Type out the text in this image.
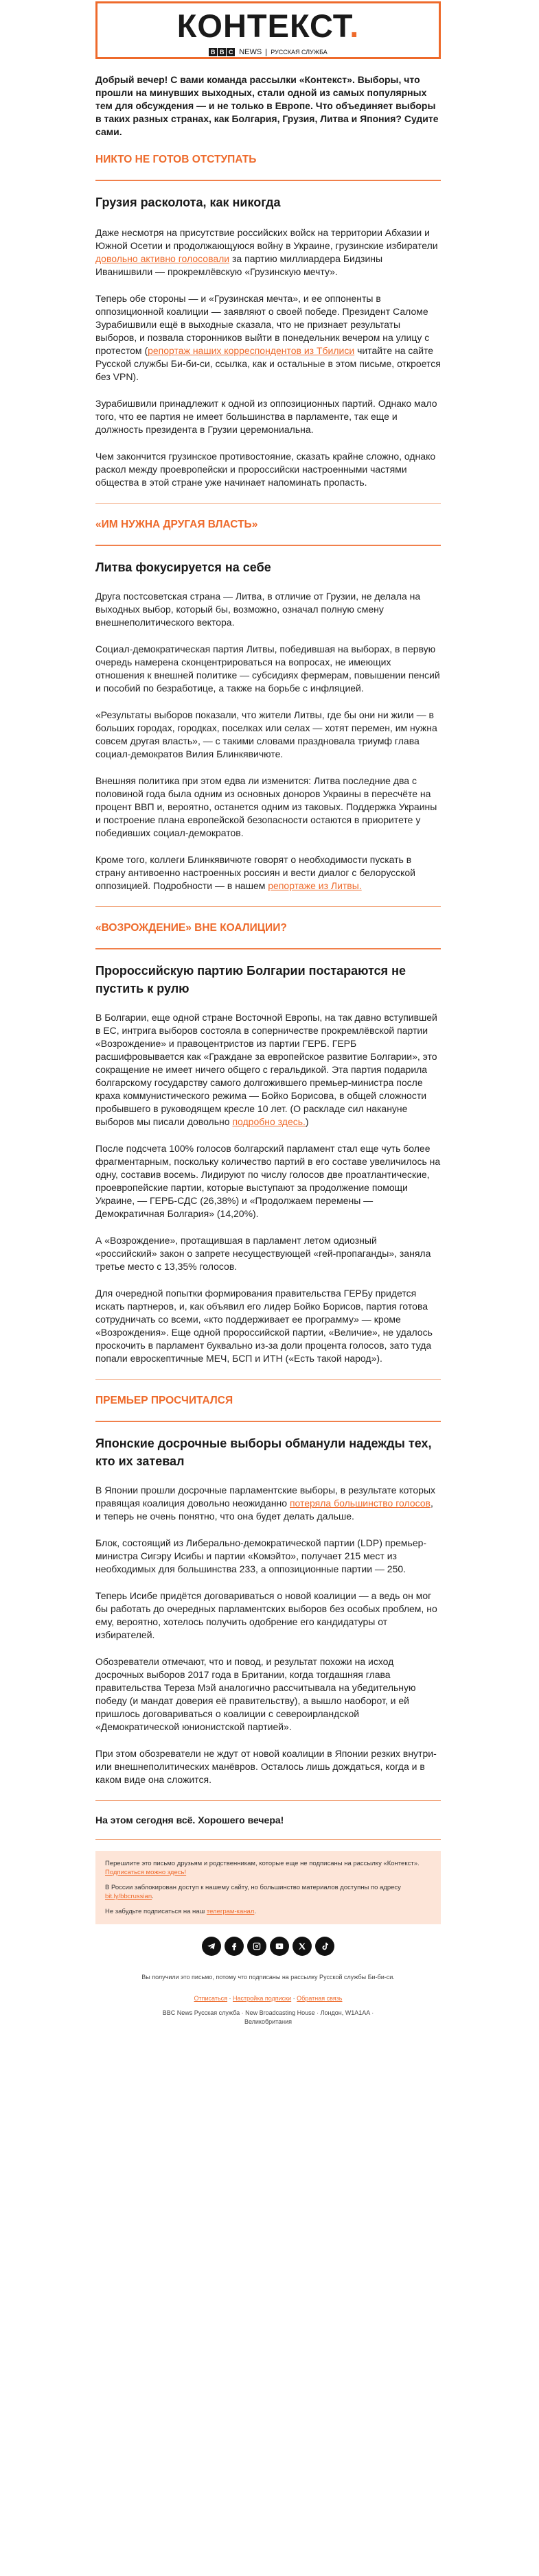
КОНТЕКСТ.
B B C NEWS РУССКАЯ СЛУЖБА

Добрый вечер! С вами команда рассылки «Контекст». Выборы, что прошли на минувших выходных, стали одной из самых популярных тем для обсуждения — и не только в Европе. Что объединяет выборы в таких разных странах, как Болгария, Грузия, Литва и Япония? Судите сами.

НИКТО НЕ ГОТОВ ОТСТУПАТЬ
Грузия расколота, как никогда

Даже несмотря на присутствие российских войск на территории Абхазии и Южной Осетии и продолжающуюся войну в Украине, грузинские избиратели довольно активно голосовали за партию миллиардера Бидзины Иванишвили — прокремлёвскую «Грузинскую мечту».

Теперь обе стороны — и «Грузинская мечта», и ее оппоненты в оппозиционной коалиции — заявляют о своей победе. Президент Саломе Зурабишвили ещё в выходные сказала, что не признает результаты выборов, и позвала сторонников выйти в понедельник вечером на улицу с протестом (репортаж наших корреспондентов из Тбилиси читайте на сайте Русской службы Би-би-си, ссылка, как и остальные в этом письме, откроется без VPN).

Зурабишвили принадлежит к одной из оппозиционных партий. Однако мало того, что ее партия не имеет большинства в парламенте, так еще и должность президента в Грузии церемониальна.

Чем закончится грузинское противостояние, сказать крайне сложно, однако раскол между проевропейски и пророссийски настроенными частями общества в этой стране уже начинает напоминать пропасть.

«ИМ НУЖНА ДРУГАЯ ВЛАСТЬ»
Литва фокусируется на себе

Друга постсоветская страна — Литва, в отличие от Грузии, не делала на выходных выбор, который бы, возможно, означал полную смену внешнеполитического вектора.

Социал-демократическая партия Литвы, победившая на выборах, в первую очередь намерена сконцентрироваться на вопросах, не имеющих отношения к внешней политике — субсидиях фермерам, повышении пенсий и пособий по безработице, а также на борьбе с инфляцией.

«Результаты выборов показали, что жители Литвы, где бы они ни жили — в больших городах, городках, поселках или селах — хотят перемен, им нужна совсем другая власть», — с такими словами праздновала триумф глава социал-демократов Вилия Блинкявичюте.

Внешняя политика при этом едва ли изменится: Литва последние два с половиной года была одним из основных доноров Украины в пересчёте на процент ВВП и, вероятно, останется одним из таковых. Поддержка Украины и построение плана европейской безопасности остаются в приоритете у победивших социал-демократов.

Кроме того, коллеги Блинкявичюте говорят о необходимости пускать в страну антивоенно настроенных россиян и вести диалог с белорусской оппозицией. Подробности — в нашем репортаже из Литвы.

«ВОЗРОЖДЕНИЕ» ВНЕ КОАЛИЦИИ?
Пророссийскую партию Болгарии постараются не пустить к рулю

В Болгарии, еще одной стране Восточной Европы, на так давно вступившей в ЕС, интрига выборов состояла в соперничестве прокремлёвской партии «Возрождение» и правоцентристов из партии ГЕРБ. ГЕРБ расшифровывается как «Граждане за европейское развитие Болгарии», это сокращение не имеет ничего общего с геральдикой. Эта партия подарила болгарскому государству самого долгожившего премьер-министра после краха коммунистического режима — Бойко Борисова, в общей сложности пробывшего в руководящем кресле 10 лет. (О раскладе сил накануне выборов мы писали довольно подробно здесь.)

После подсчета 100% голосов болгарский парламент стал еще чуть более фрагментарным, поскольку количество партий в его составе увеличилось на одну, составив восемь. Лидируют по числу голосов две проатлантические, проевропейские партии, которые выступают за продолжение помощи Украине, — ГЕРБ-СДС (26,38%) и «Продолжаем перемены — Демократичная Болгария» (14,20%).

А «Возрождение», протащившая в парламент летом одиозный «российский» закон о запрете несуществующей «гей-пропаганды», заняла третье место с 13,35% голосов.

Для очередной попытки формирования правительства ГЕРБу придется искать партнеров, и, как объявил его лидер Бойко Борисов, партия готова сотрудничать со всеми, «кто поддерживает ее программу» — кроме «Возрождения». Еще одной пророссийской партии, «Величие», не удалось проскочить в парламент буквально из-за доли процента голосов, зато туда попали евроскептичные МЕЧ, БСП и ИТН («Есть такой народ»).

ПРЕМЬЕР ПРОСЧИТАЛСЯ
Японские досрочные выборы обманули надежды тех, кто их затевал

В Японии прошли досрочные парламентские выборы, в результате которых правящая коалиция довольно неожиданно потеряла большинство голосов, и теперь не очень понятно, что она будет делать дальше.

Блок, состоящий из Либерально-демократической партии (LDP) премьер-министра Сигэру Исибы и партии «Комэйто», получает 215 мест из необходимых для большинства 233, а оппозиционные партии — 250.

Теперь Исибе придётся договариваться о новой коалиции — а ведь он мог бы работать до очередных парламентских выборов без особых проблем, но ему, вероятно, хотелось получить одобрение его кандидатуры от избирателей.

Обозреватели отмечают, что и повод, и результат похожи на исход досрочных выборов 2017 года в Британии, когда тогдашняя глава правительства Тереза Мэй аналогично рассчитывала на убедительную победу (и мандат доверия её правительству), а вышло наоборот, и ей пришлось договариваться о коалиции с североирландской «Демократической юнионистской партией».

При этом обозреватели не ждут от новой коалиции в Японии резких внутри- или внешнеполитических манёвров. Осталось лишь дождаться, когда и в каком виде она сложится.

На этом сегодня всё. Хорошего вечера!

Перешлите это письмо друзьям и родственникам, которые еще не подписаны на рассылку «Контекст». Подписаться можно здесь!

В России заблокирован доступ к нашему сайту, но большинство материалов доступны по адресу bit.ly/bbcrussian.

Не забудьте подписаться на наш телеграм-канал.

Вы получили это письмо, потому что подписаны на рассылку Русской службы Би-би-си.

Отписаться · Настройка подписки · Обратная связь

BBC News Русская служба · New Broadcasting House · Лондон, W1A1AA ·
Великобритания
